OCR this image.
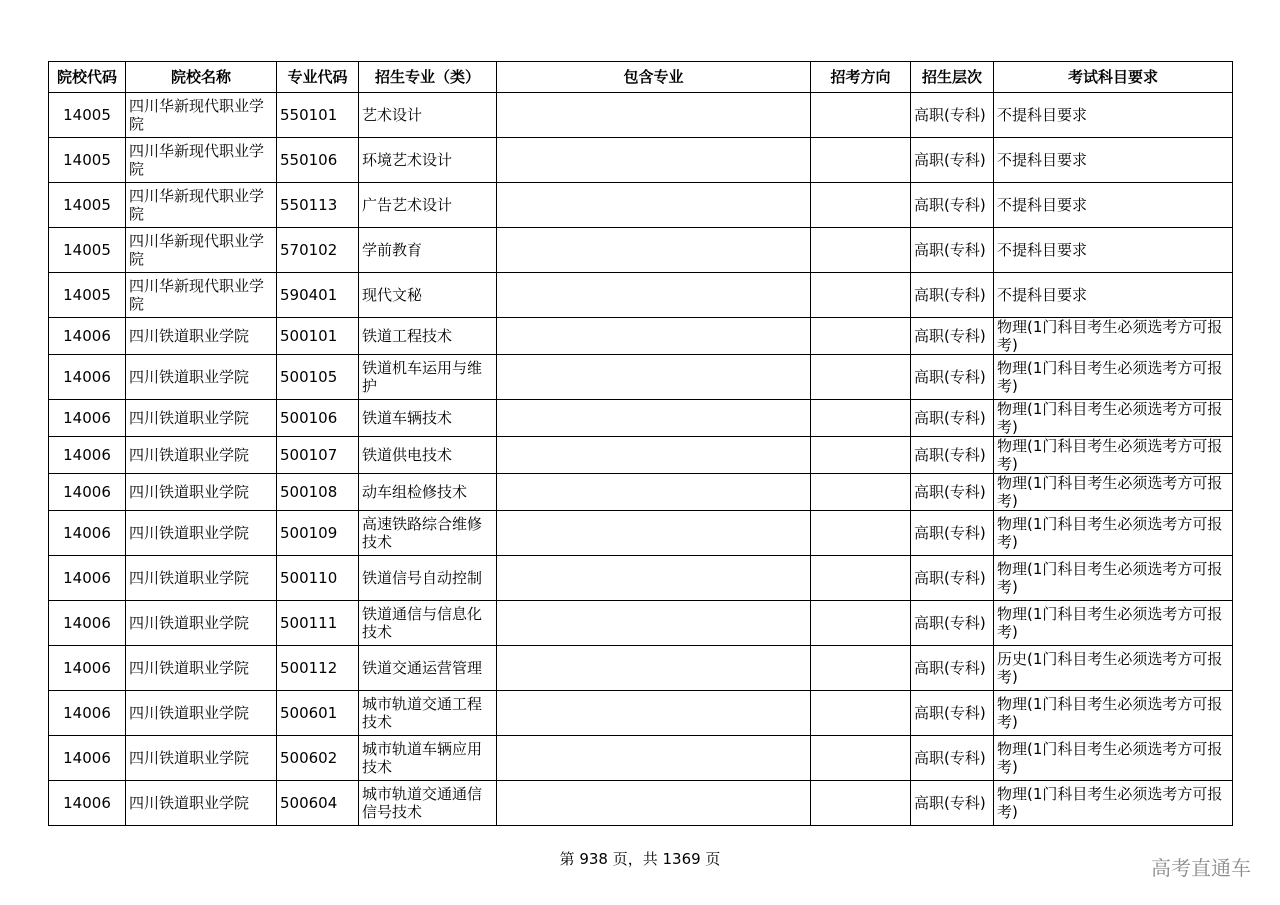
院校代码	院校名称	专业代码	招生专业（类）	包含专业	招考方向	招生层次	考试科目要求
14005	四川华新现代职业学院	550101	艺术设计			高职(专科)	不提科目要求
14005	四川华新现代职业学院	550106	环境艺术设计			高职(专科)	不提科目要求
14005	四川华新现代职业学院	550113	广告艺术设计			高职(专科)	不提科目要求
14005	四川华新现代职业学院	570102	学前教育			高职(专科)	不提科目要求
14005	四川华新现代职业学院	590401	现代文秘			高职(专科)	不提科目要求
14006	四川铁道职业学院	500101	铁道工程技术			高职(专科)	物理(1门科目考生必须选考方可报考)
14006	四川铁道职业学院	500105	铁道机车运用与维护			高职(专科)	物理(1门科目考生必须选考方可报考)
14006	四川铁道职业学院	500106	铁道车辆技术			高职(专科)	物理(1门科目考生必须选考方可报考)
14006	四川铁道职业学院	500107	铁道供电技术			高职(专科)	物理(1门科目考生必须选考方可报考)
14006	四川铁道职业学院	500108	动车组检修技术			高职(专科)	物理(1门科目考生必须选考方可报考)
14006	四川铁道职业学院	500109	高速铁路综合维修技术			高职(专科)	物理(1门科目考生必须选考方可报考)
14006	四川铁道职业学院	500110	铁道信号自动控制			高职(专科)	物理(1门科目考生必须选考方可报考)
14006	四川铁道职业学院	500111	铁道通信与信息化技术			高职(专科)	物理(1门科目考生必须选考方可报考)
14006	四川铁道职业学院	500112	铁道交通运营管理			高职(专科)	历史(1门科目考生必须选考方可报考)
14006	四川铁道职业学院	500601	城市轨道交通工程技术			高职(专科)	物理(1门科目考生必须选考方可报考)
14006	四川铁道职业学院	500602	城市轨道车辆应用技术			高职(专科)	物理(1门科目考生必须选考方可报考)
14006	四川铁道职业学院	500604	城市轨道交通通信信号技术			高职(专科)	物理(1门科目考生必须选考方可报考)
第 938 页，共 1369 页	高考直通车
